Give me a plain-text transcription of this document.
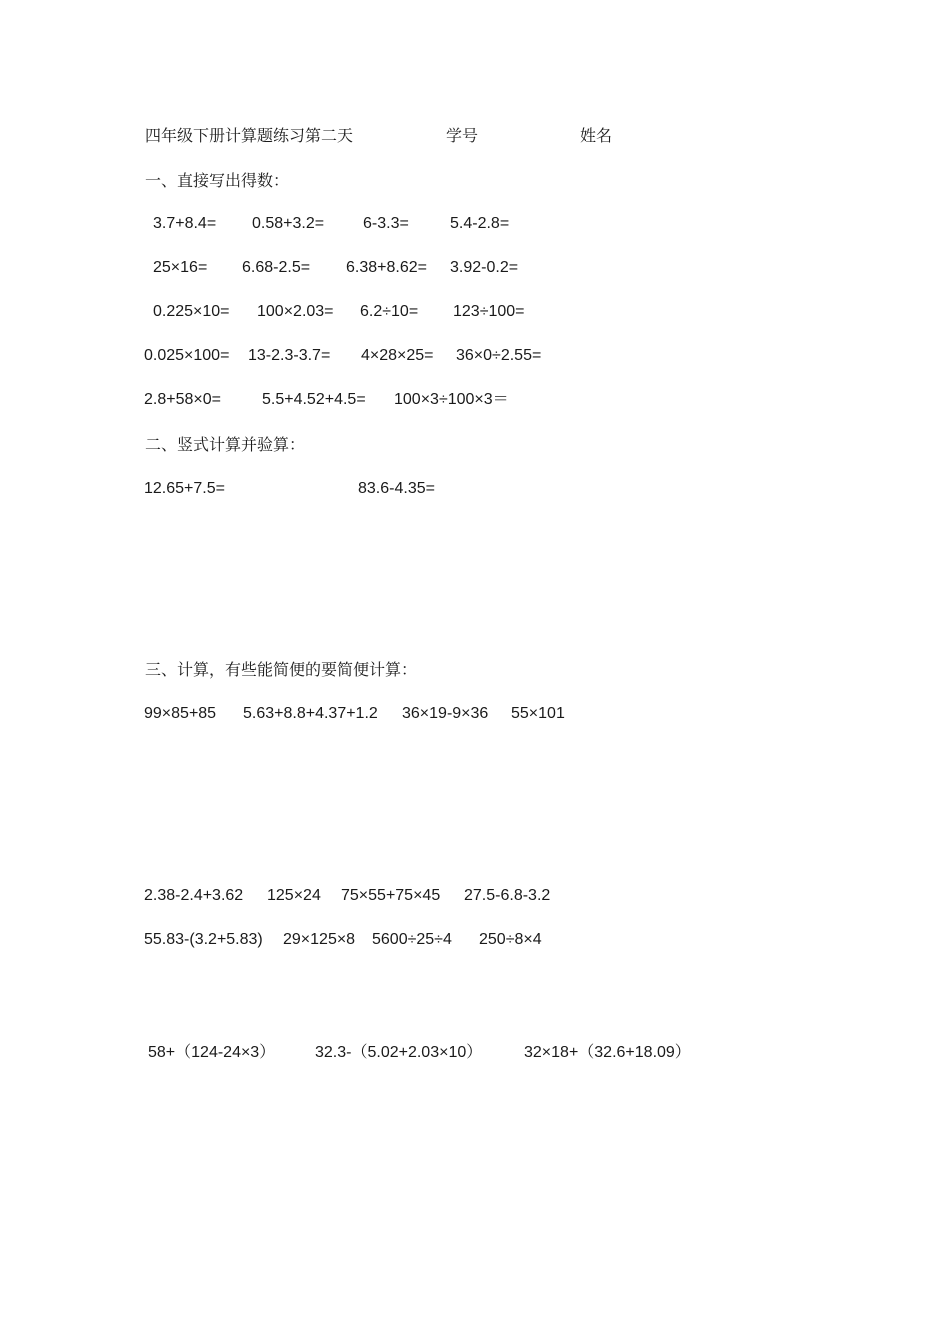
四年级下册计算题练习第二天	学号	姓名
一、直接写出得数：
3.7+8.4= 0.58+3.2= 6-3.3=	5.4-2.8=
25×16= 6.68-2.5= 6.38+8.62= 3.92-0.2=
0.225×10= 100×2.03= 6.2÷10= 123÷100=
0.025×100= 13-2.3-3.7= 4×28×25= 36×0÷2.55=
2.8+58×0=	5.5+4.52+4.5= 100×3÷100×3＝
二、竖式计算并验算：
12.65+7.5=	83.6-4.35=
三、计算，有些能简便的要简便计算：
99×85+85 5.63+8.8+4.37+1.2 36×19-9×36 55×101
2.38-2.4+3.62 125×24 75×55+75×45 27.5-6.8-3.2
55.83-(3.2+5.83) 29×125×8 5600÷25÷4 250÷8×4
58+（124-24×3） 32.3-（5.02+2.03×10）	32×18+（32.6+18.09）
